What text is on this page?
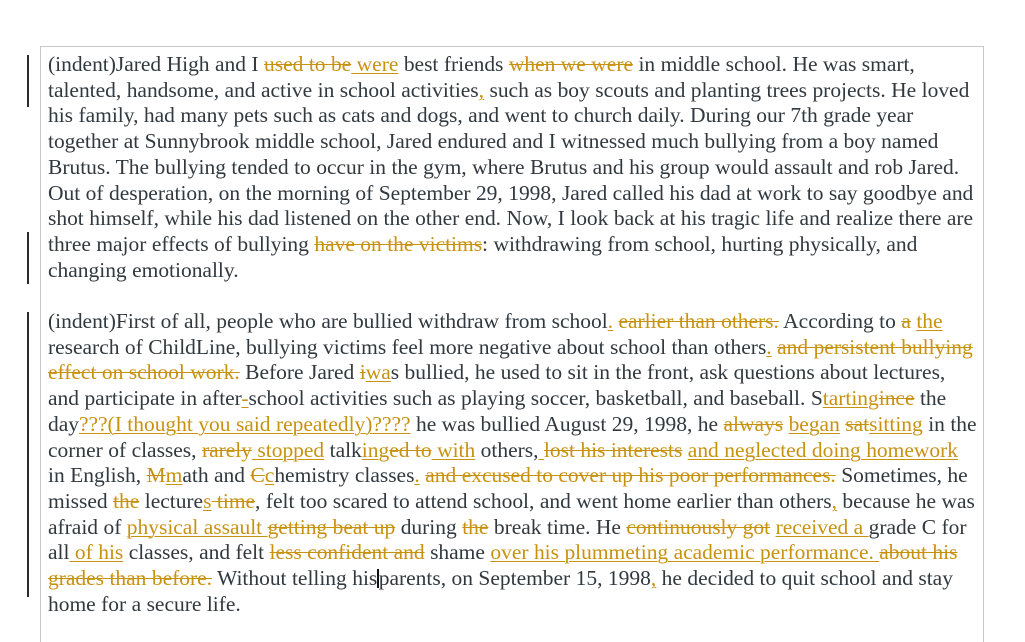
(indent)Jared High and I used to be were best friends when we were in middle school. He was smart, talented, handsome, and active in school activities, such as boy scouts and planting trees projects. He loved his family, had many pets such as cats and dogs, and went to church daily. During our 7th grade year together at Sunnybrook middle school, Jared endured and I witnessed much bullying from a boy named Brutus. The bullying tended to occur in the gym, where Brutus and his group would assault and rob Jared. Out of desperation, on the morning of September 29, 1998, Jared called his dad at work to say goodbye and shot himself, while his dad listened on the other end. Now, I look back at his tragic life and realize there are three major effects of bullying have on the victims: withdrawing from school, hurting physically, and changing emotionally.

(indent)First of all, people who are bullied withdraw from school. earlier than others. According to a the research of ChildLine, bullying victims feel more negative about school than others. and persistent bullying effect on school work. Before Jared iwas bullied, he used to sit in the front, ask questions about lectures, and participate in after-school activities such as playing soccer, basketball, and baseball. Startingince the day???(I thought you said repeatedly)???? he was bullied August 29, 1998, he always began satsitting in the corner of classes, rarely stopped talkinged to with others, lost his interests and neglected doing homework in English, Mmath and Cchemistry classes. and excused to cover up his poor performances. Sometimes, he missed the lectures time, felt too scared to attend school, and went home earlier than others, because he was afraid of physical assault getting beat up during the break time. He continuously got received a grade C for all of his classes, and felt less confident and shame over his plummeting academic performance. about his grades than before. Without telling hisparents, on September 15, 1998, he decided to quit school and stay home for a secure life.
